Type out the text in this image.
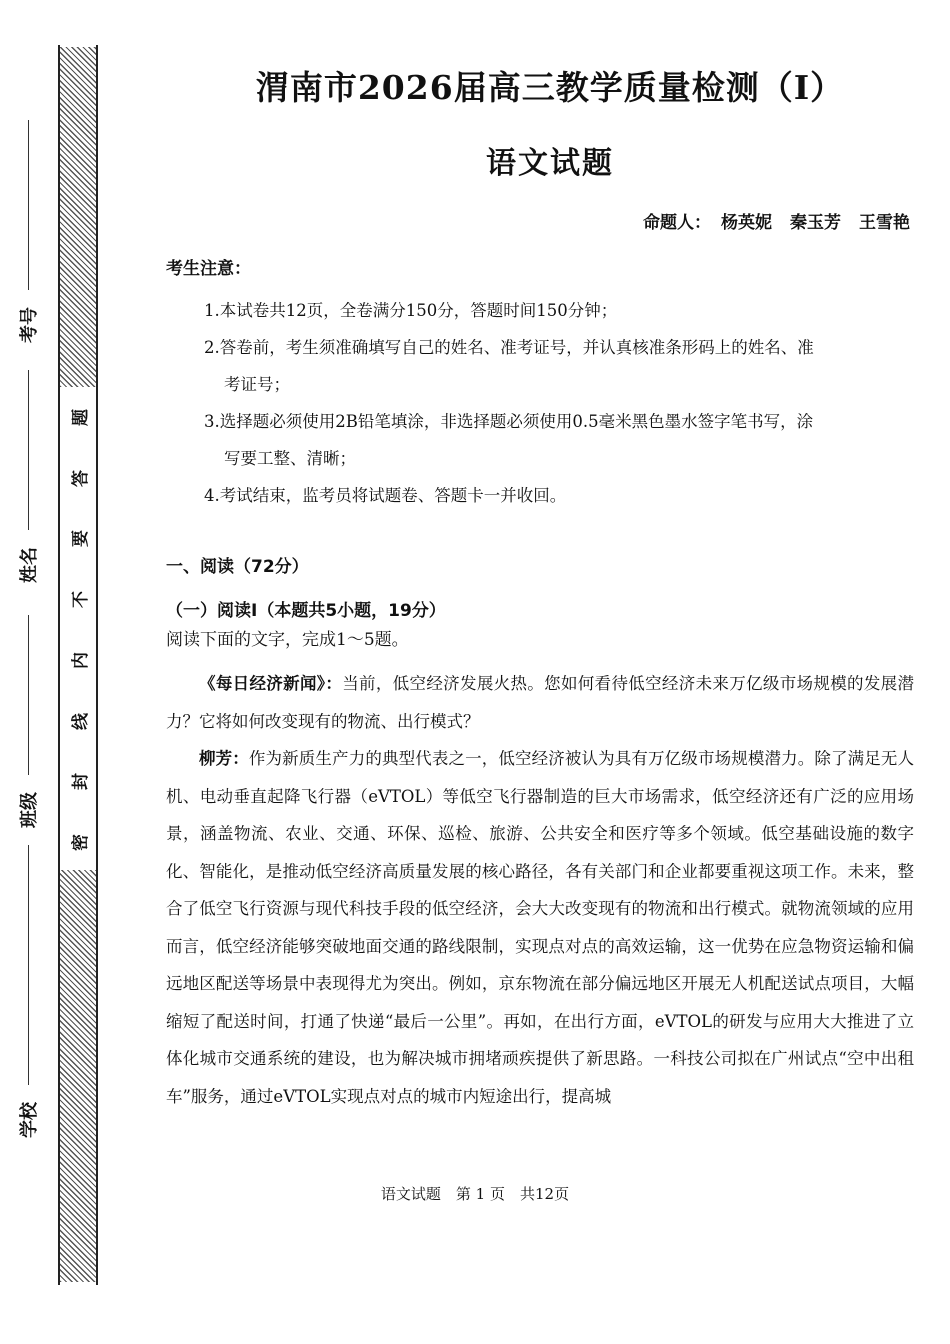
题
答
要
不
内
线
封
密
考号
姓名
班级
学校
渭南市2026届高三教学质量检测（I）
语文试题
命题人： 杨英妮 秦玉芳 王雪艳
考生注意：
1.本试卷共12页，全卷满分150分，答题时间150分钟；
2.答卷前，考生须准确填写自己的姓名、准考证号，并认真核准条形码上的姓名、准
考证号；
3.选择题必须使用2B铅笔填涂，非选择题必须使用0.5毫米黑色墨水签字笔书写，涂
写要工整、清晰；
4.考试结束，监考员将试题卷、答题卡一并收回。
一、阅读（72分）
（一）阅读I（本题共5小题，19分）
阅读下面的文字，完成1～5题。

《每日经济新闻》：当前，低空经济发展火热。您如何看待低空经济未来万亿级市场规模的发展潜力？它将如何改变现有的物流、出行模式？

柳芳：作为新质生产力的典型代表之一，低空经济被认为具有万亿级市场规模潜力。除了满足无人机、电动垂直起降飞行器（eVTOL）等低空飞行器制造的巨大市场需求，低空经济还有广泛的应用场景，涵盖物流、农业、交通、环保、巡检、旅游、公共安全和医疗等多个领域。低空基础设施的数字化、智能化，是推动低空经济高质量发展的核心路径，各有关部门和企业都要重视这项工作。未来，整合了低空飞行资源与现代科技手段的低空经济，会大大改变现有的物流和出行模式。就物流领域的应用而言，低空经济能够突破地面交通的路线限制，实现点对点的高效运输，这一优势在应急物资运输和偏远地区配送等场景中表现得尤为突出。例如，京东物流在部分偏远地区开展无人机配送试点项目，大幅缩短了配送时间，打通了快递“最后一公里”。再如，在出行方面，eVTOL的研发与应用大大推进了立体化城市交通系统的建设，也为解决城市拥堵顽疾提供了新思路。一科技公司拟在广州试点“空中出租车”服务，通过eVTOL实现点对点的城市内短途出行，提高城

语文试题　第 1 页　共12页
